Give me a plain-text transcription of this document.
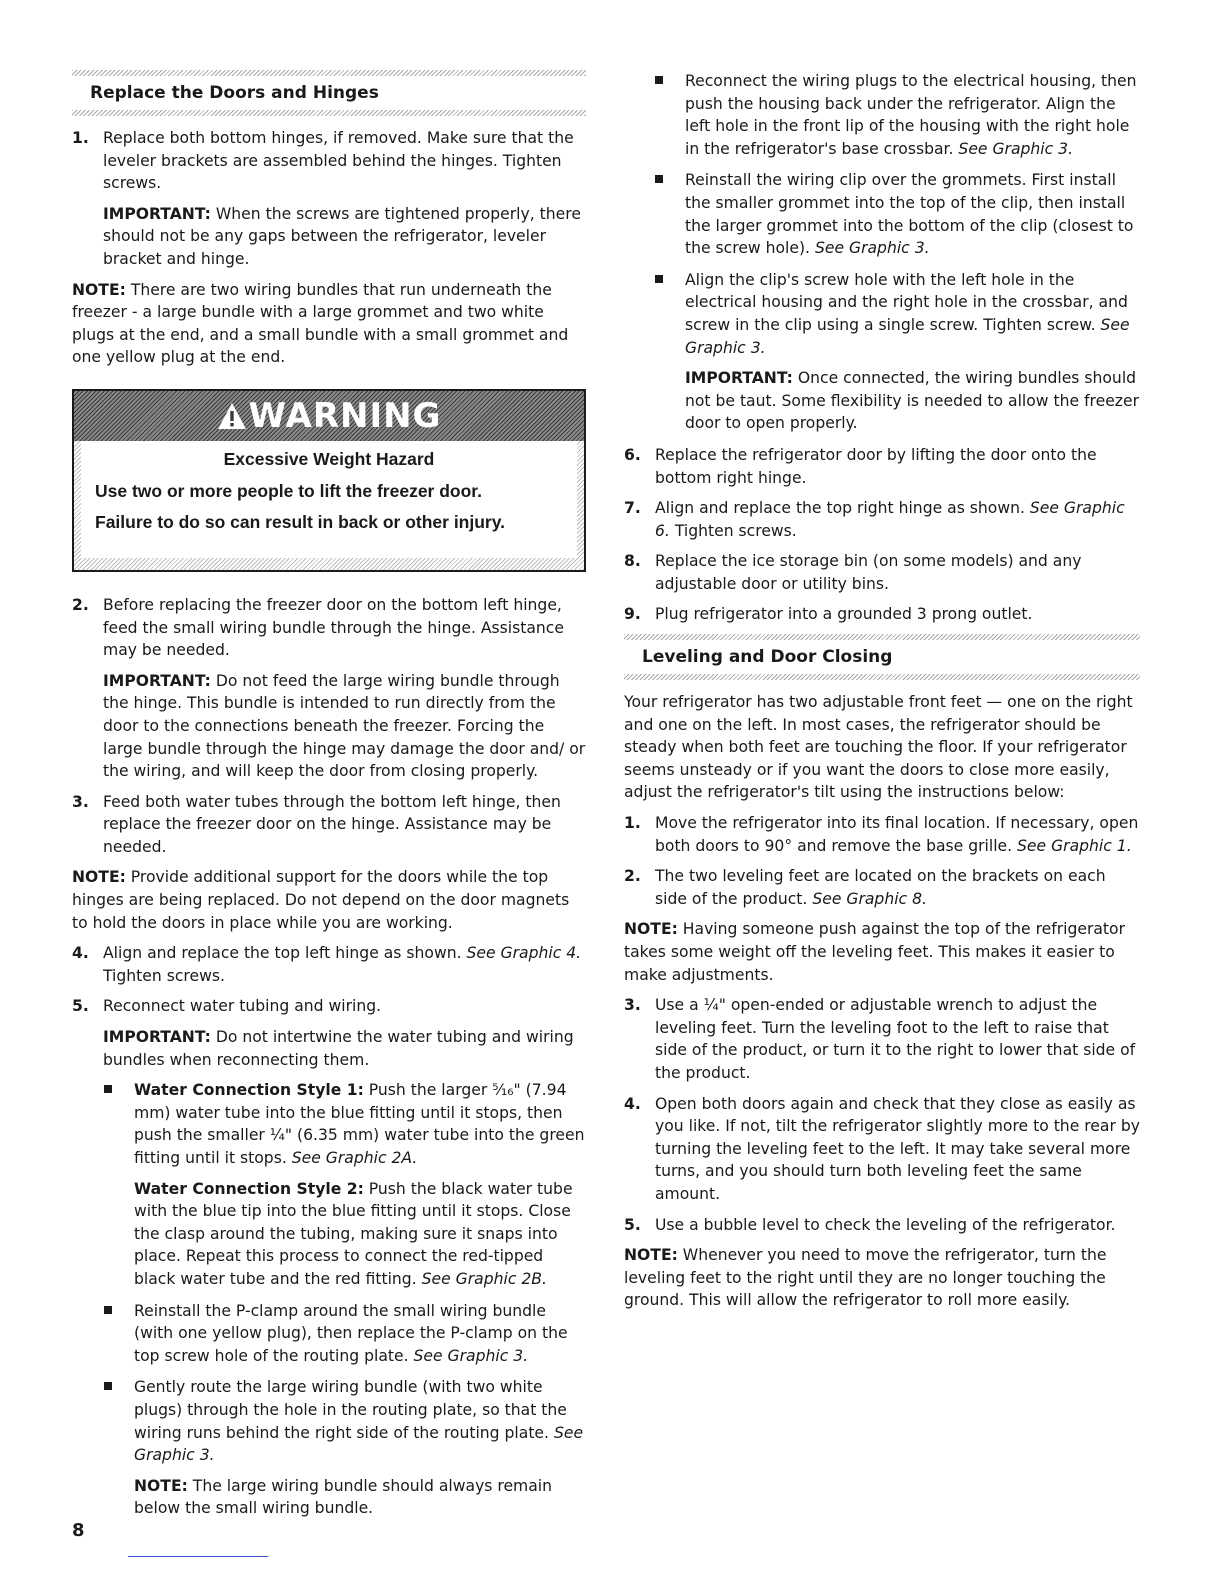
Replace the Doors and Hinges
1. Replace both bottom hinges, if removed. Make sure that the leveler brackets are assembled behind the hinges. Tighten screws.

IMPORTANT: When the screws are tightened properly, there should not be any gaps between the refrigerator, leveler bracket and hinge.

NOTE: There are two wiring bundles that run underneath the freezer - a large bundle with a large grommet and two white plugs at the end, and a small bundle with a small grommet and one yellow plug at the end.

WARNING
Excessive Weight Hazard
Use two or more people to lift the freezer door.
Failure to do so can result in back or other injury.
2. Before replacing the freezer door on the bottom left hinge, feed the small wiring bundle through the hinge. Assistance may be needed.

IMPORTANT: Do not feed the large wiring bundle through the hinge. This bundle is intended to run directly from the door to the connections beneath the freezer. Forcing the large bundle through the hinge may damage the door and/ or the wiring, and will keep the door from closing properly.

3. Feed both water tubes through the bottom left hinge, then replace the freezer door on the hinge. Assistance may be needed.

NOTE: Provide additional support for the doors while the top hinges are being replaced. Do not depend on the door magnets to hold the doors in place while you are working.

4. Align and replace the top left hinge as shown. See Graphic 4. Tighten screws.

5. Reconnect water tubing and wiring.

IMPORTANT: Do not intertwine the water tubing and wiring bundles when reconnecting them.

Water Connection Style 1: Push the larger ⁵⁄₁₆" (7.94 mm) water tube into the blue fitting until it stops, then push the smaller ¼" (6.35 mm) water tube into the green fitting until it stops. See Graphic 2A.

Water Connection Style 2: Push the black water tube with the blue tip into the blue fitting until it stops. Close the clasp around the tubing, making sure it snaps into place. Repeat this process to connect the red-tipped black water tube and the red fitting. See Graphic 2B.

Reinstall the P-clamp around the small wiring bundle (with one yellow plug), then replace the P-clamp on the top screw hole of the routing plate. See Graphic 3.

Gently route the large wiring bundle (with two white plugs) through the hole in the routing plate, so that the wiring runs behind the right side of the routing plate. See Graphic 3.

NOTE: The large wiring bundle should always remain below the small wiring bundle.

Reconnect the wiring plugs to the electrical housing, then push the housing back under the refrigerator. Align the left hole in the front lip of the housing with the right hole in the refrigerator's base crossbar. See Graphic 3.

Reinstall the wiring clip over the grommets. First install the smaller grommet into the top of the clip, then install the larger grommet into the bottom of the clip (closest to the screw hole). See Graphic 3.

Align the clip's screw hole with the left hole in the electrical housing and the right hole in the crossbar, and screw in the clip using a single screw. Tighten screw. See Graphic 3.

IMPORTANT: Once connected, the wiring bundles should not be taut. Some flexibility is needed to allow the freezer door to open properly.

6. Replace the refrigerator door by lifting the door onto the bottom right hinge.

7. Align and replace the top right hinge as shown. See Graphic 6. Tighten screws.

8. Replace the ice storage bin (on some models) and any adjustable door or utility bins.

9. Plug refrigerator into a grounded 3 prong outlet.

Leveling and Door Closing

Your refrigerator has two adjustable front feet — one on the right and one on the left. In most cases, the refrigerator should be steady when both feet are touching the floor. If your refrigerator seems unsteady or if you want the doors to close more easily, adjust the refrigerator's tilt using the instructions below:

1. Move the refrigerator into its final location. If necessary, open both doors to 90° and remove the base grille. See Graphic 1.

2. The two leveling feet are located on the brackets on each side of the product. See Graphic 8.

NOTE: Having someone push against the top of the refrigerator takes some weight off the leveling feet. This makes it easier to make adjustments.

3. Use a ¼" open-ended or adjustable wrench to adjust the leveling feet. Turn the leveling foot to the left to raise that side of the product, or turn it to the right to lower that side of the product.

4. Open both doors again and check that they close as easily as you like. If not, tilt the refrigerator slightly more to the rear by turning the leveling feet to the left. It may take several more turns, and you should turn both leveling feet the same amount.

5. Use a bubble level to check the leveling of the refrigerator.

NOTE: Whenever you need to move the refrigerator, turn the leveling feet to the right until they are no longer touching the ground. This will allow the refrigerator to roll more easily.

8
